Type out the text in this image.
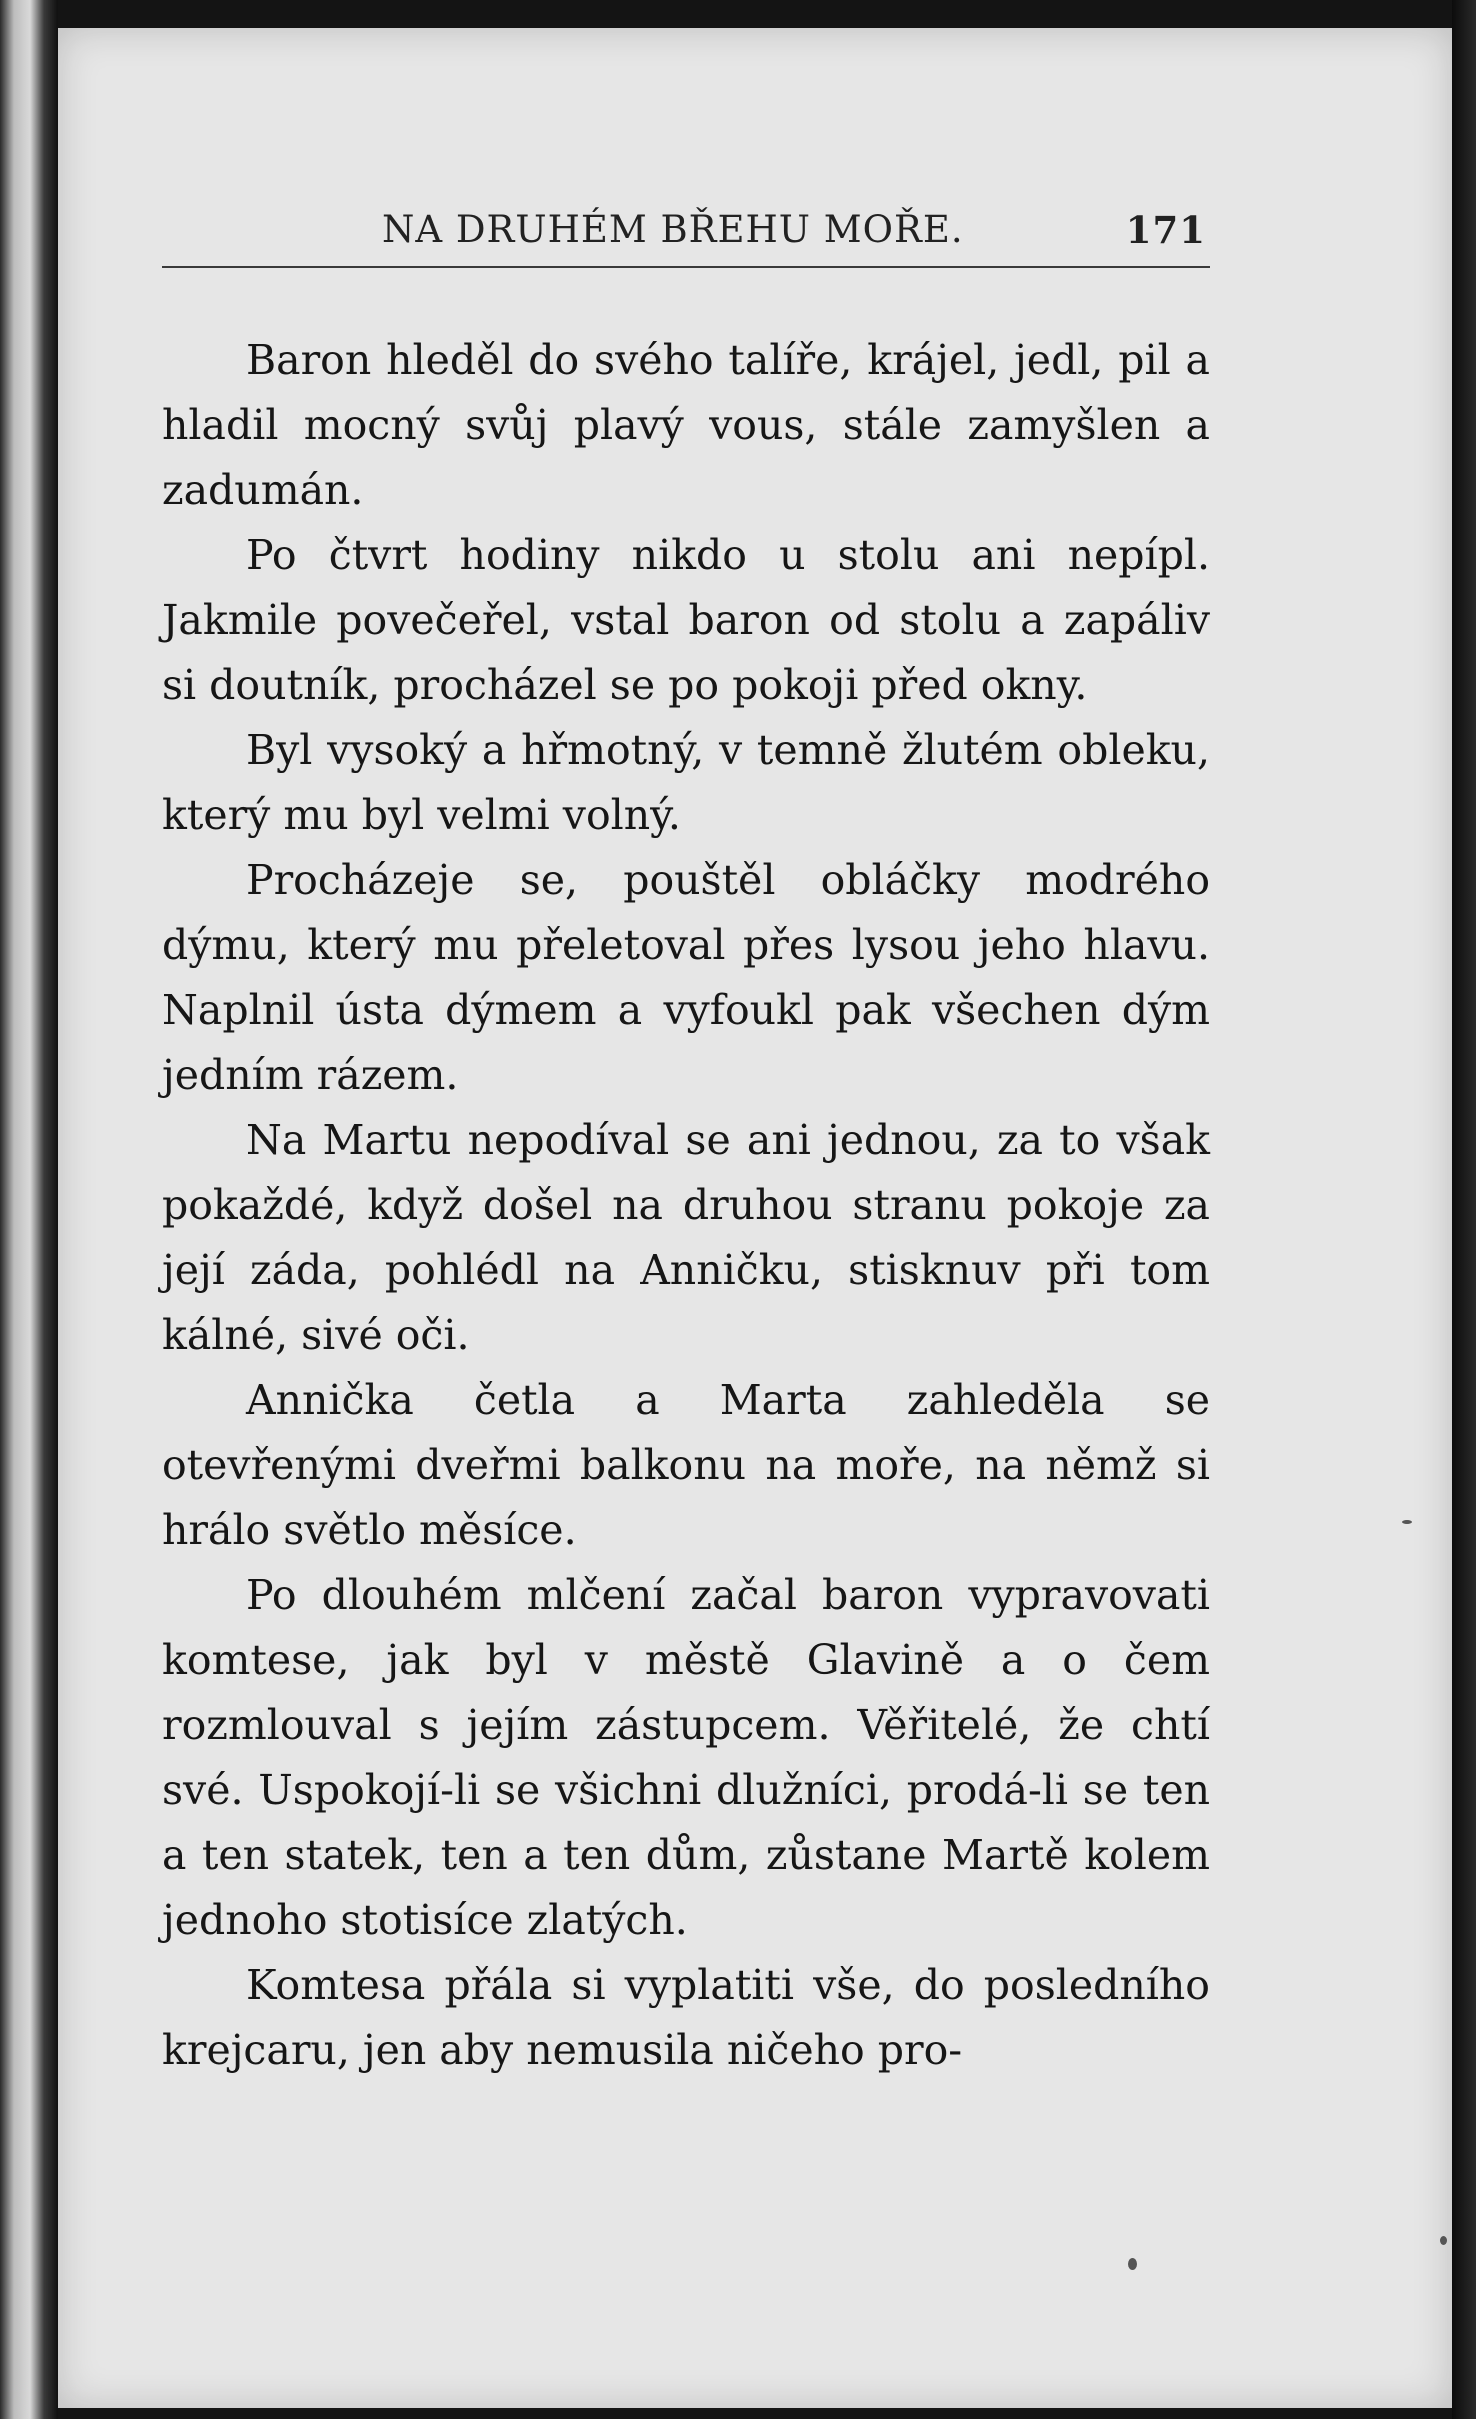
NA DRUHÉM BŘEHU MOŘE.	171

Baron hleděl do svého talíře, krájel, jedl, pil a hladil mocný svůj plavý vous, stále zamyšlen a zadumán.

Po čtvrt hodiny nikdo u stolu ani nepípl. Jakmile povečeřel, vstal baron od stolu a zapáliv si doutník, procházel se po pokoji před okny.

Byl vysoký a hřmotný, v temně žlutém obleku, který mu byl velmi volný.

Procházeje se, pouštěl obláčky modrého dýmu, který mu přeletoval přes lysou jeho hlavu. Naplnil ústa dýmem a vyfoukl pak všechen dým jedním rázem.

Na Martu nepodíval se ani jednou, za to však pokaždé, když došel na druhou stranu pokoje za její záda, pohlédl na Anničku, stisknuv při tom kálné, sivé oči.

Annička četla a Marta zahleděla se otevřenými dveřmi balkonu na moře, na němž si hrálo světlo měsíce.

Po dlouhém mlčení začal baron vypravovati komtese, jak byl v městě Glavině a o čem rozmlouval s jejím zástupcem. Věřitelé, že chtí své. Uspokojí-li se všichni dlužníci, prodá-li se ten a ten statek, ten a ten dům, zůstane Martě kolem jednoho stotisíce zlatých.

Komtesa přála si vyplatiti vše, do posledního krejcaru, jen aby nemusila ničeho pro-
